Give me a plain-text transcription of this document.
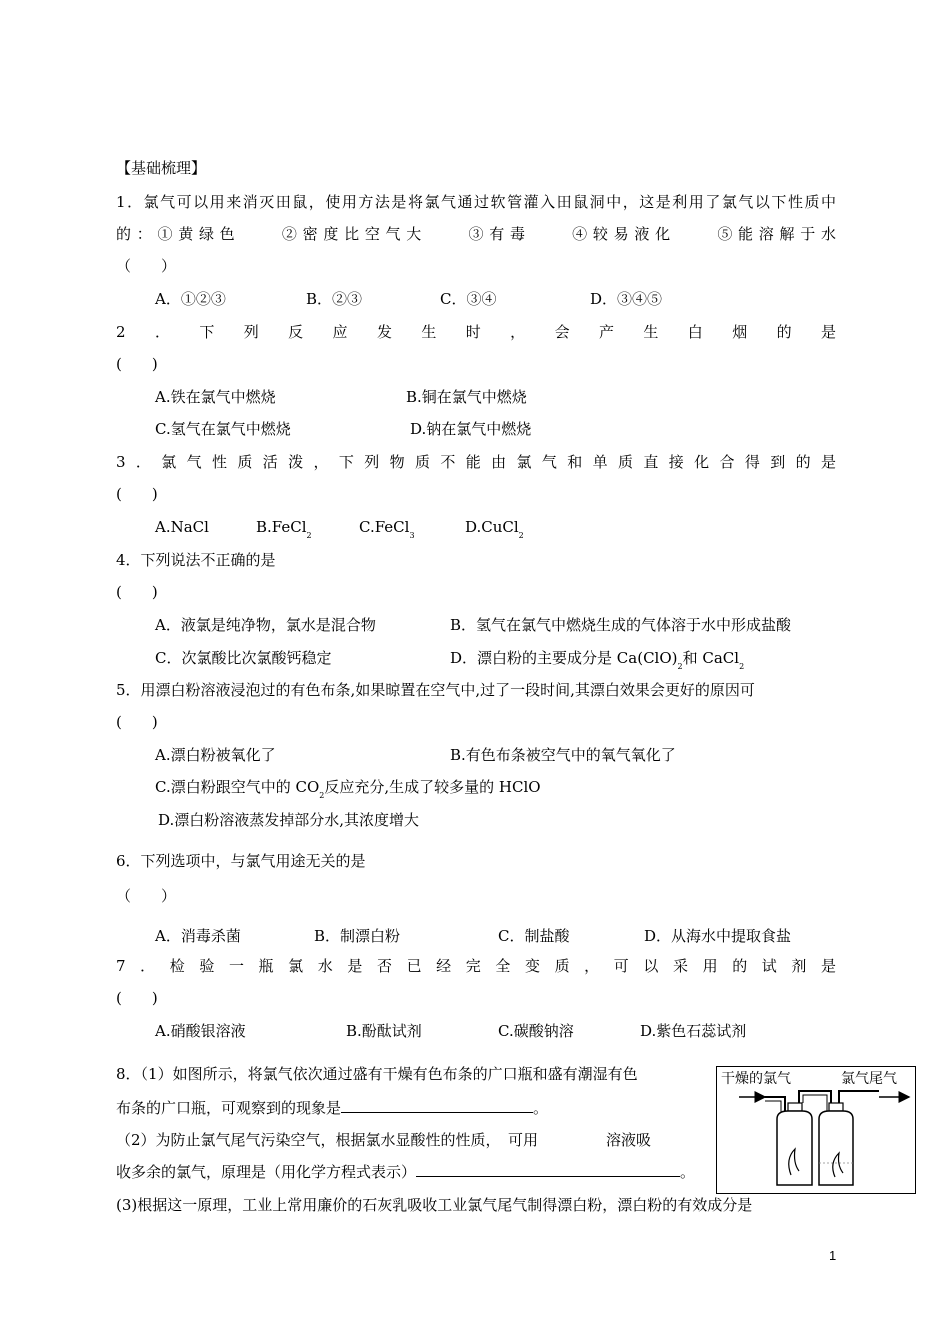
【基础梳理】
1．氯气可以用来消灭田鼠，使用方法是将氯气通过软管灌入田鼠洞中，这是利用了氯气以下性质中
的：①黄绿色　　②密度比空气大　　③有毒　　④较易液化　　⑤能溶解于水
（　　）
A．①②③	B．②③	C．③④	D．③④⑤
2．下列反应发生时，会产生白烟的是
(　　)
A.铁在氯气中燃烧	B.铜在氯气中燃烧
C.氢气在氯气中燃烧	D.钠在氯气中燃烧
3．氯气性质活泼，下列物质不能由氯气和单质直接化合得到的是
(　　)
A.NaCl	B.FeCl$_2$	C.FeCl$_3$	D.CuCl$_2$
4．下列说法不正确的是
(　　)
A．液氯是纯净物，氯水是混合物	B．氢气在氯气中燃烧生成的气体溶于水中形成盐酸
C．次氯酸比次氯酸钙稳定	D．漂白粉的主要成分是 $Ca(ClO)_2$和 CaCl$_2$
5．用漂白粉溶液浸泡过的有色布条,如果晾置在空气中,过了一段时间,其漂白效果会更好的原因可
(　　)
A.漂白粉被氧化了	B.有色布条被空气中的氧气氧化了
C.漂白粉跟空气中的 $CO_2$反应充分,生成了较多量的 HClO
D.漂白粉溶液蒸发掉部分水,其浓度增大
6．下列选项中，与氯气用途无关的是
（　　）
A．消毒杀菌	B．制漂白粉	C．制盐酸	D．从海水中提取食盐
7．检验一瓶氯水是否已经完全变质，可以采用的试剂是
(　　)
A.硝酸银溶液	B.酚酞试剂	C.碳酸钠溶	D.紫色石蕊试剂
8．（1）如图所示，将氯气依次通过盛有干燥有色布条的广口瓶和盛有潮湿有色
布条的广口瓶，可观察到的现象是	。
（2）为防止氯气尾气污染空气，根据氯水显酸性的性质，　可用	溶液吸
收多余的氯气，原理是（用化学方程式表示）	。
(3)根据这一原理，工业上常用廉价的石灰乳吸收工业氯气尾气制得漂白粉，漂白粉的有效成分是
干燥的氯气	氯气尾气
1
